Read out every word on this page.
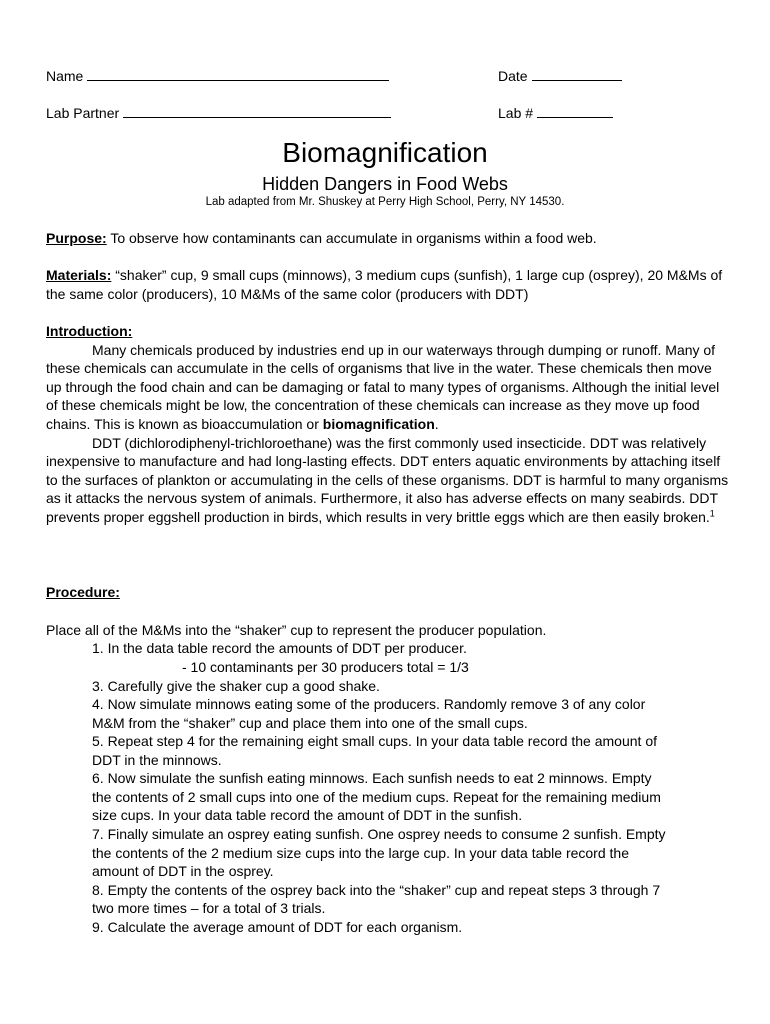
Name	Date
Lab Partner	Lab #
Biomagnification
Hidden Dangers in Food Webs
Lab adapted from Mr. Shuskey at Perry High School, Perry, NY 14530.
Purpose: To observe how contaminants can accumulate in organisms within a food web.
Materials: “shaker” cup, 9 small cups (minnows), 3 medium cups (sunfish), 1 large cup (osprey), 20 M&Ms of the same color (producers), 10 M&Ms of the same color (producers with DDT)
Introduction:

Many chemicals produced by industries end up in our waterways through dumping or runoff. Many of these chemicals can accumulate in the cells of organisms that live in the water. These chemicals then move up through the food chain and can be damaging or fatal to many types of organisms. Although the initial level of these chemicals might be low, the concentration of these chemicals can increase as they move up food chains. This is known as bioaccumulation or biomagnification.

DDT (dichlorodiphenyl-trichloroethane) was the first commonly used insecticide. DDT was relatively inexpensive to manufacture and had long-lasting effects. DDT enters aquatic environments by attaching itself to the surfaces of plankton or accumulating in the cells of these organisms. DDT is harmful to many organisms as it attacks the nervous system of animals. Furthermore, it also has adverse effects on many seabirds. DDT prevents proper eggshell production in birds, which results in very brittle eggs which are then easily broken.$^1$

Procedure:
Place all of the M&Ms into the “shaker” cup to represent the producer population.
1. In the data table record the amounts of DDT per producer.
- 10 contaminants per 30 producers total = 1/3
3. Carefully give the shaker cup a good shake.
4. Now simulate minnows eating some of the producers. Randomly remove 3 of any color
M&M from the “shaker” cup and place them into one of the small cups.
5. Repeat step 4 for the remaining eight small cups. In your data table record the amount of
DDT in the minnows.
6. Now simulate the sunfish eating minnows. Each sunfish needs to eat 2 minnows. Empty
the contents of 2 small cups into one of the medium cups. Repeat for the remaining medium
size cups. In your data table record the amount of DDT in the sunfish.
7. Finally simulate an osprey eating sunfish. One osprey needs to consume 2 sunfish. Empty
the contents of the 2 medium size cups into the large cup. In your data table record the
amount of DDT in the osprey.
8. Empty the contents of the osprey back into the “shaker” cup and repeat steps 3 through 7
two more times – for a total of 3 trials.
9. Calculate the average amount of DDT for each organism.
